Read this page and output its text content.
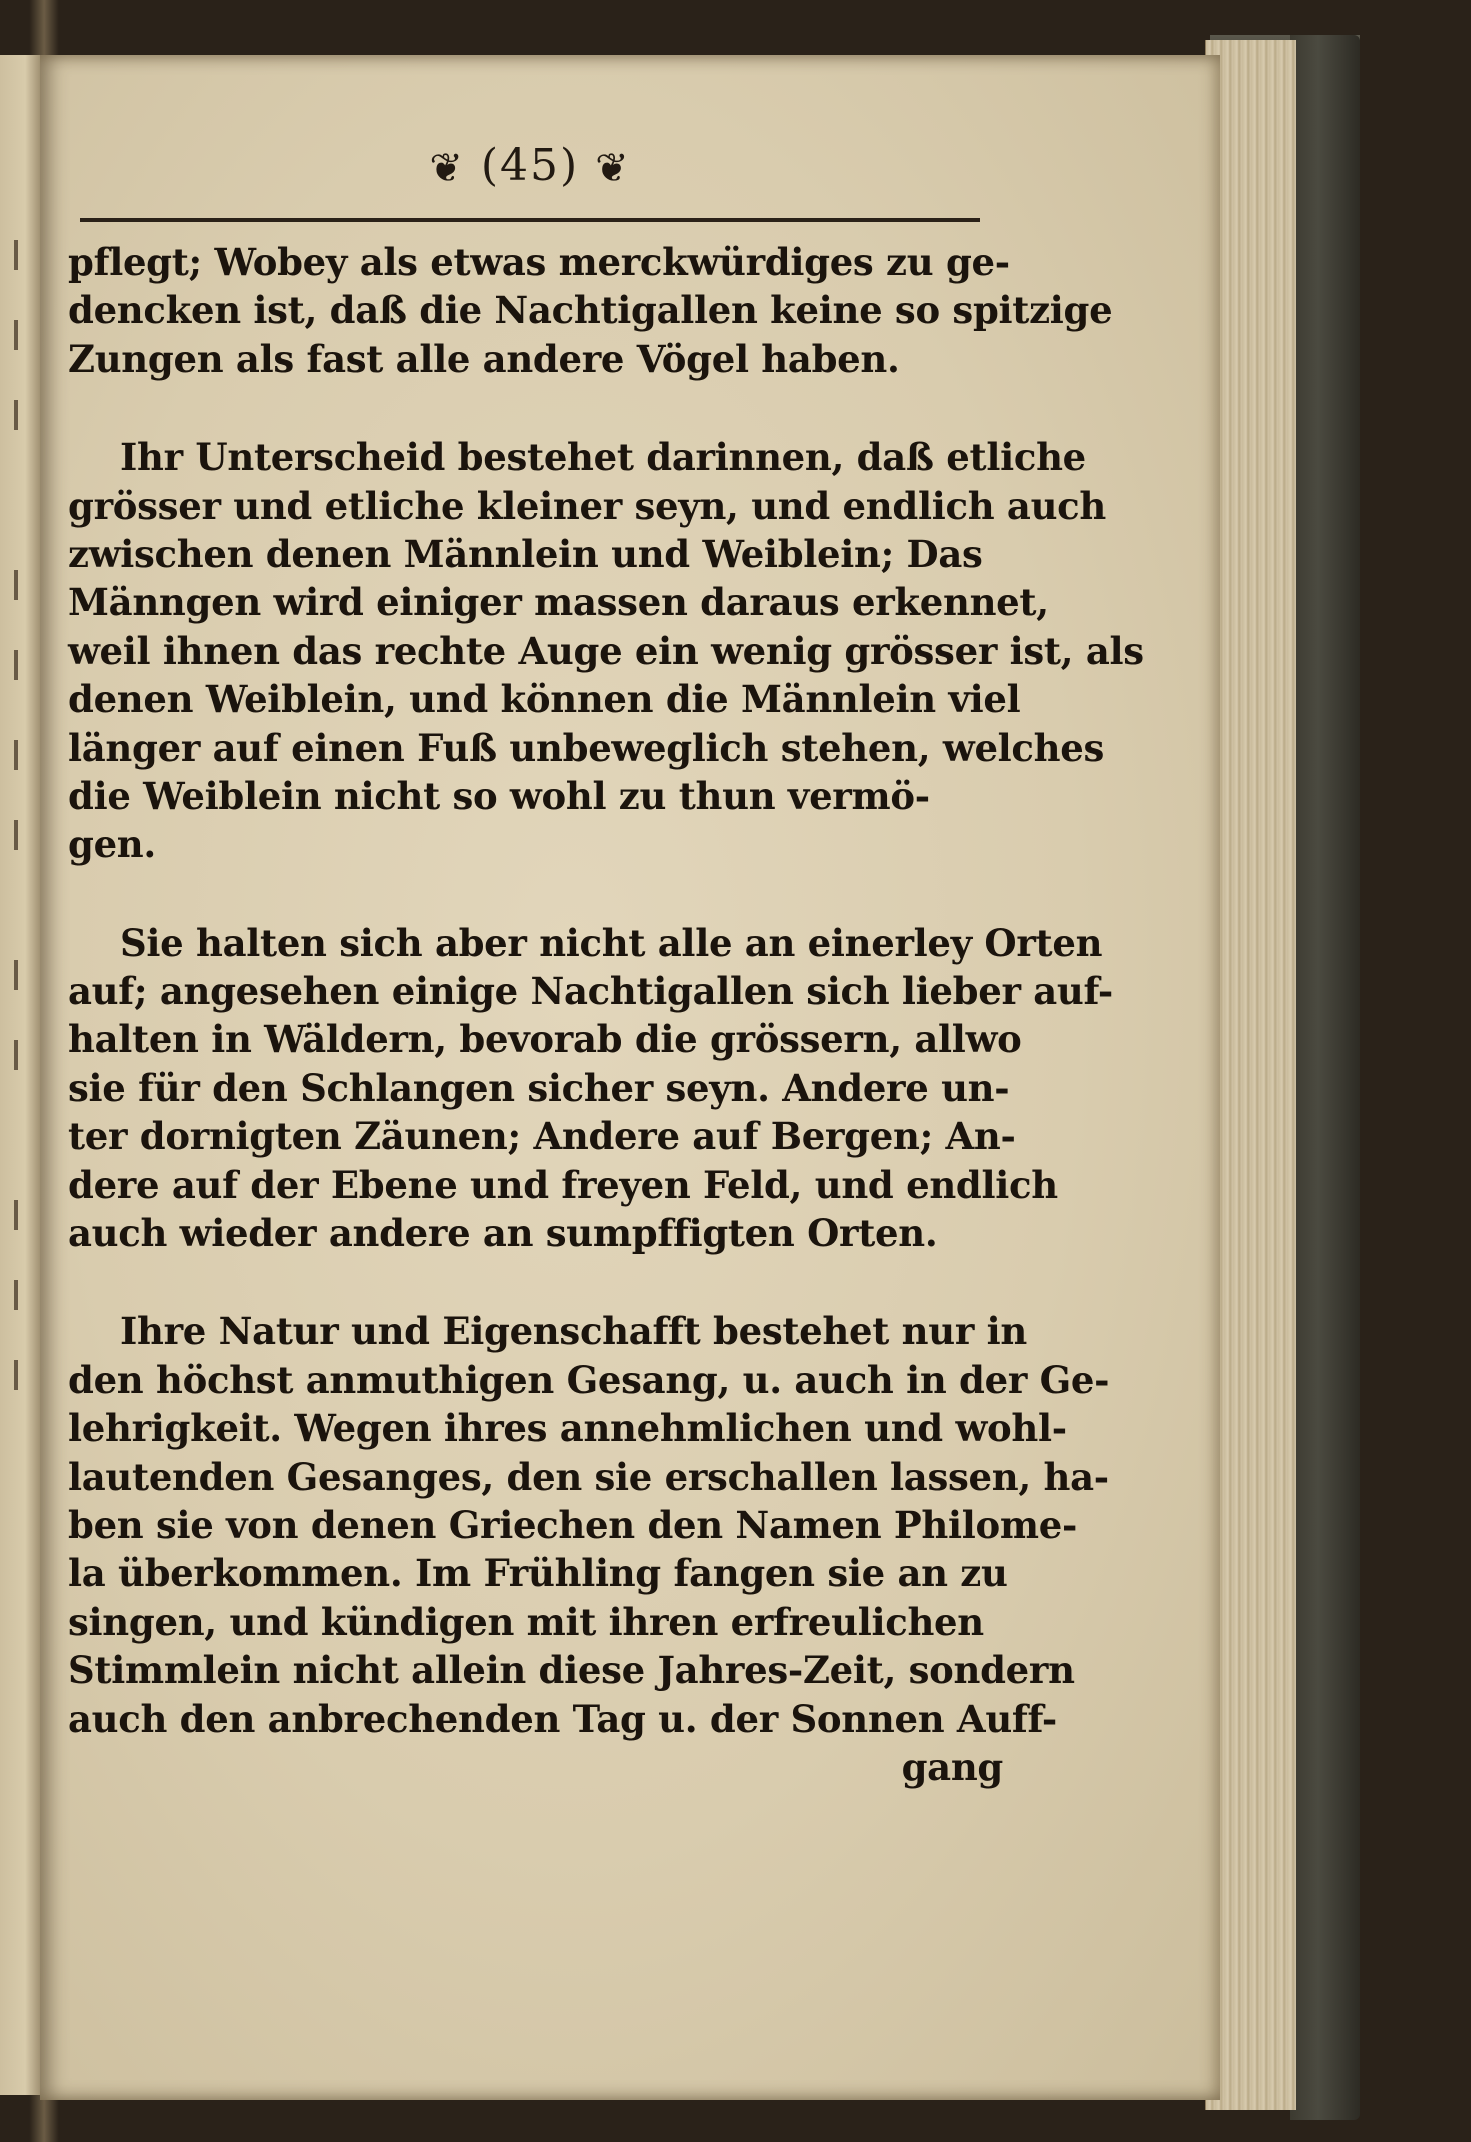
❦ (45) ❦
pflegt; Wobey als etwas merckwürdiges zu ge-
dencken ist, daß die Nachtigallen keine so spitzige
Zungen als fast alle andere Vögel haben.
Ihr Unterscheid bestehet darinnen, daß etliche
grösser und etliche kleiner seyn, und endlich auch
zwischen denen Männlein und Weiblein; Das
Männgen wird einiger massen daraus erkennet,
weil ihnen das rechte Auge ein wenig grösser ist, als
denen Weiblein, und können die Männlein viel
länger auf einen Fuß unbeweglich stehen, welches
die Weiblein nicht so wohl zu thun vermö-
gen.
Sie halten sich aber nicht alle an einerley Orten
auf; angesehen einige Nachtigallen sich lieber auf-
halten in Wäldern, bevorab die grössern, allwo
sie für den Schlangen sicher seyn. Andere un-
ter dornigten Zäunen; Andere auf Bergen; An-
dere auf der Ebene und freyen Feld, und endlich
auch wieder andere an sumpffigten Orten.
Ihre Natur und Eigenschafft bestehet nur in
den höchst anmuthigen Gesang, u. auch in der Ge-
lehrigkeit. Wegen ihres annehmlichen und wohl-
lautenden Gesanges, den sie erschallen lassen, ha-
ben sie von denen Griechen den Namen Philome-
la überkommen. Im Frühling fangen sie an zu
singen, und kündigen mit ihren erfreulichen
Stimmlein nicht allein diese Jahres-Zeit, sondern
auch den anbrechenden Tag u. der Sonnen Auff-
gang
